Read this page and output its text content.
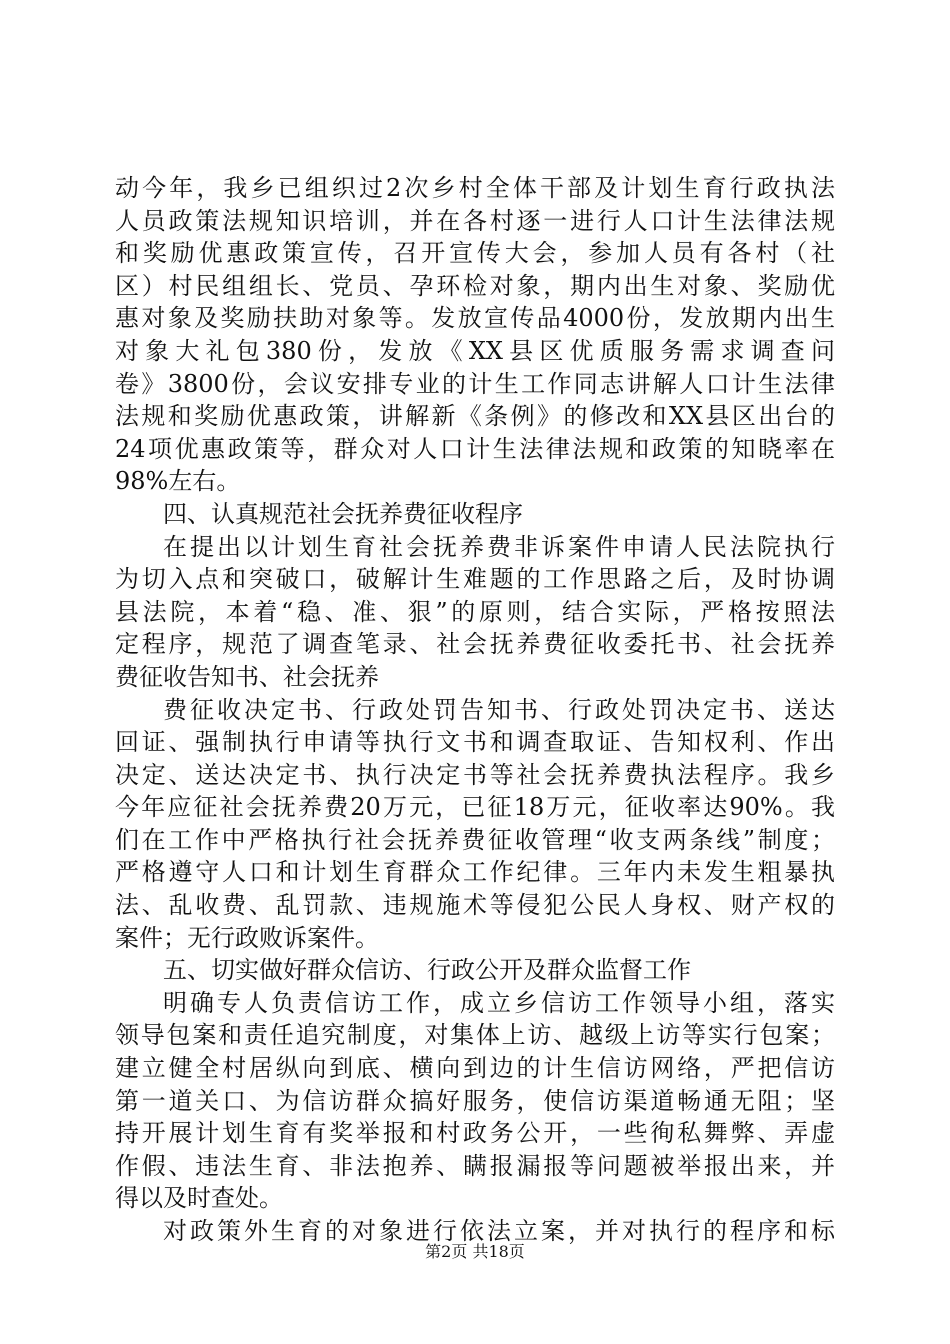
动今年，我乡已组织过2次乡村全体干部及计划生育行政执法
人员政策法规知识培训，并在各村逐一进行人口计生法律法规
和奖励优惠政策宣传，召开宣传大会，参加人员有各村（社
区）村民组组长、党员、孕环检对象，期内出生对象、奖励优
惠对象及奖励扶助对象等。发放宣传品4000份，发放期内出生
对象大礼包380份，发放《XX县区优质服务需求调查问
卷》3800份，会议安排专业的计生工作同志讲解人口计生法律
法规和奖励优惠政策，讲解新《条例》的修改和XX县区出台的
24项优惠政策等，群众对人口计生法律法规和政策的知晓率在
98%左右。
四、认真规范社会抚养费征收程序
在提出以计划生育社会抚养费非诉案件申请人民法院执行
为切入点和突破口，破解计生难题的工作思路之后，及时协调
县法院，本着“稳、准、狠”的原则，结合实际，严格按照法
定程序，规范了调查笔录、社会抚养费征收委托书、社会抚养
费征收告知书、社会抚养
费征收决定书、行政处罚告知书、行政处罚决定书、送达
回证、强制执行申请等执行文书和调查取证、告知权利、作出
决定、送达决定书、执行决定书等社会抚养费执法程序。我乡
今年应征社会抚养费20万元，已征18万元，征收率达90%。我
们在工作中严格执行社会抚养费征收管理“收支两条线”制度；
严格遵守人口和计划生育群众工作纪律。三年内未发生粗暴执
法、乱收费、乱罚款、违规施术等侵犯公民人身权、财产权的
案件；无行政败诉案件。
五、切实做好群众信访、行政公开及群众监督工作
明确专人负责信访工作，成立乡信访工作领导小组，落实
领导包案和责任追究制度，对集体上访、越级上访等实行包案；
建立健全村居纵向到底、横向到边的计生信访网络，严把信访
第一道关口、为信访群众搞好服务，使信访渠道畅通无阻；坚
持开展计划生育有奖举报和村政务公开，一些徇私舞弊、弄虚
作假、违法生育、非法抱养、瞒报漏报等问题被举报出来，并
得以及时查处。
对政策外生育的对象进行依法立案，并对执行的程序和标
第2页 共18页
